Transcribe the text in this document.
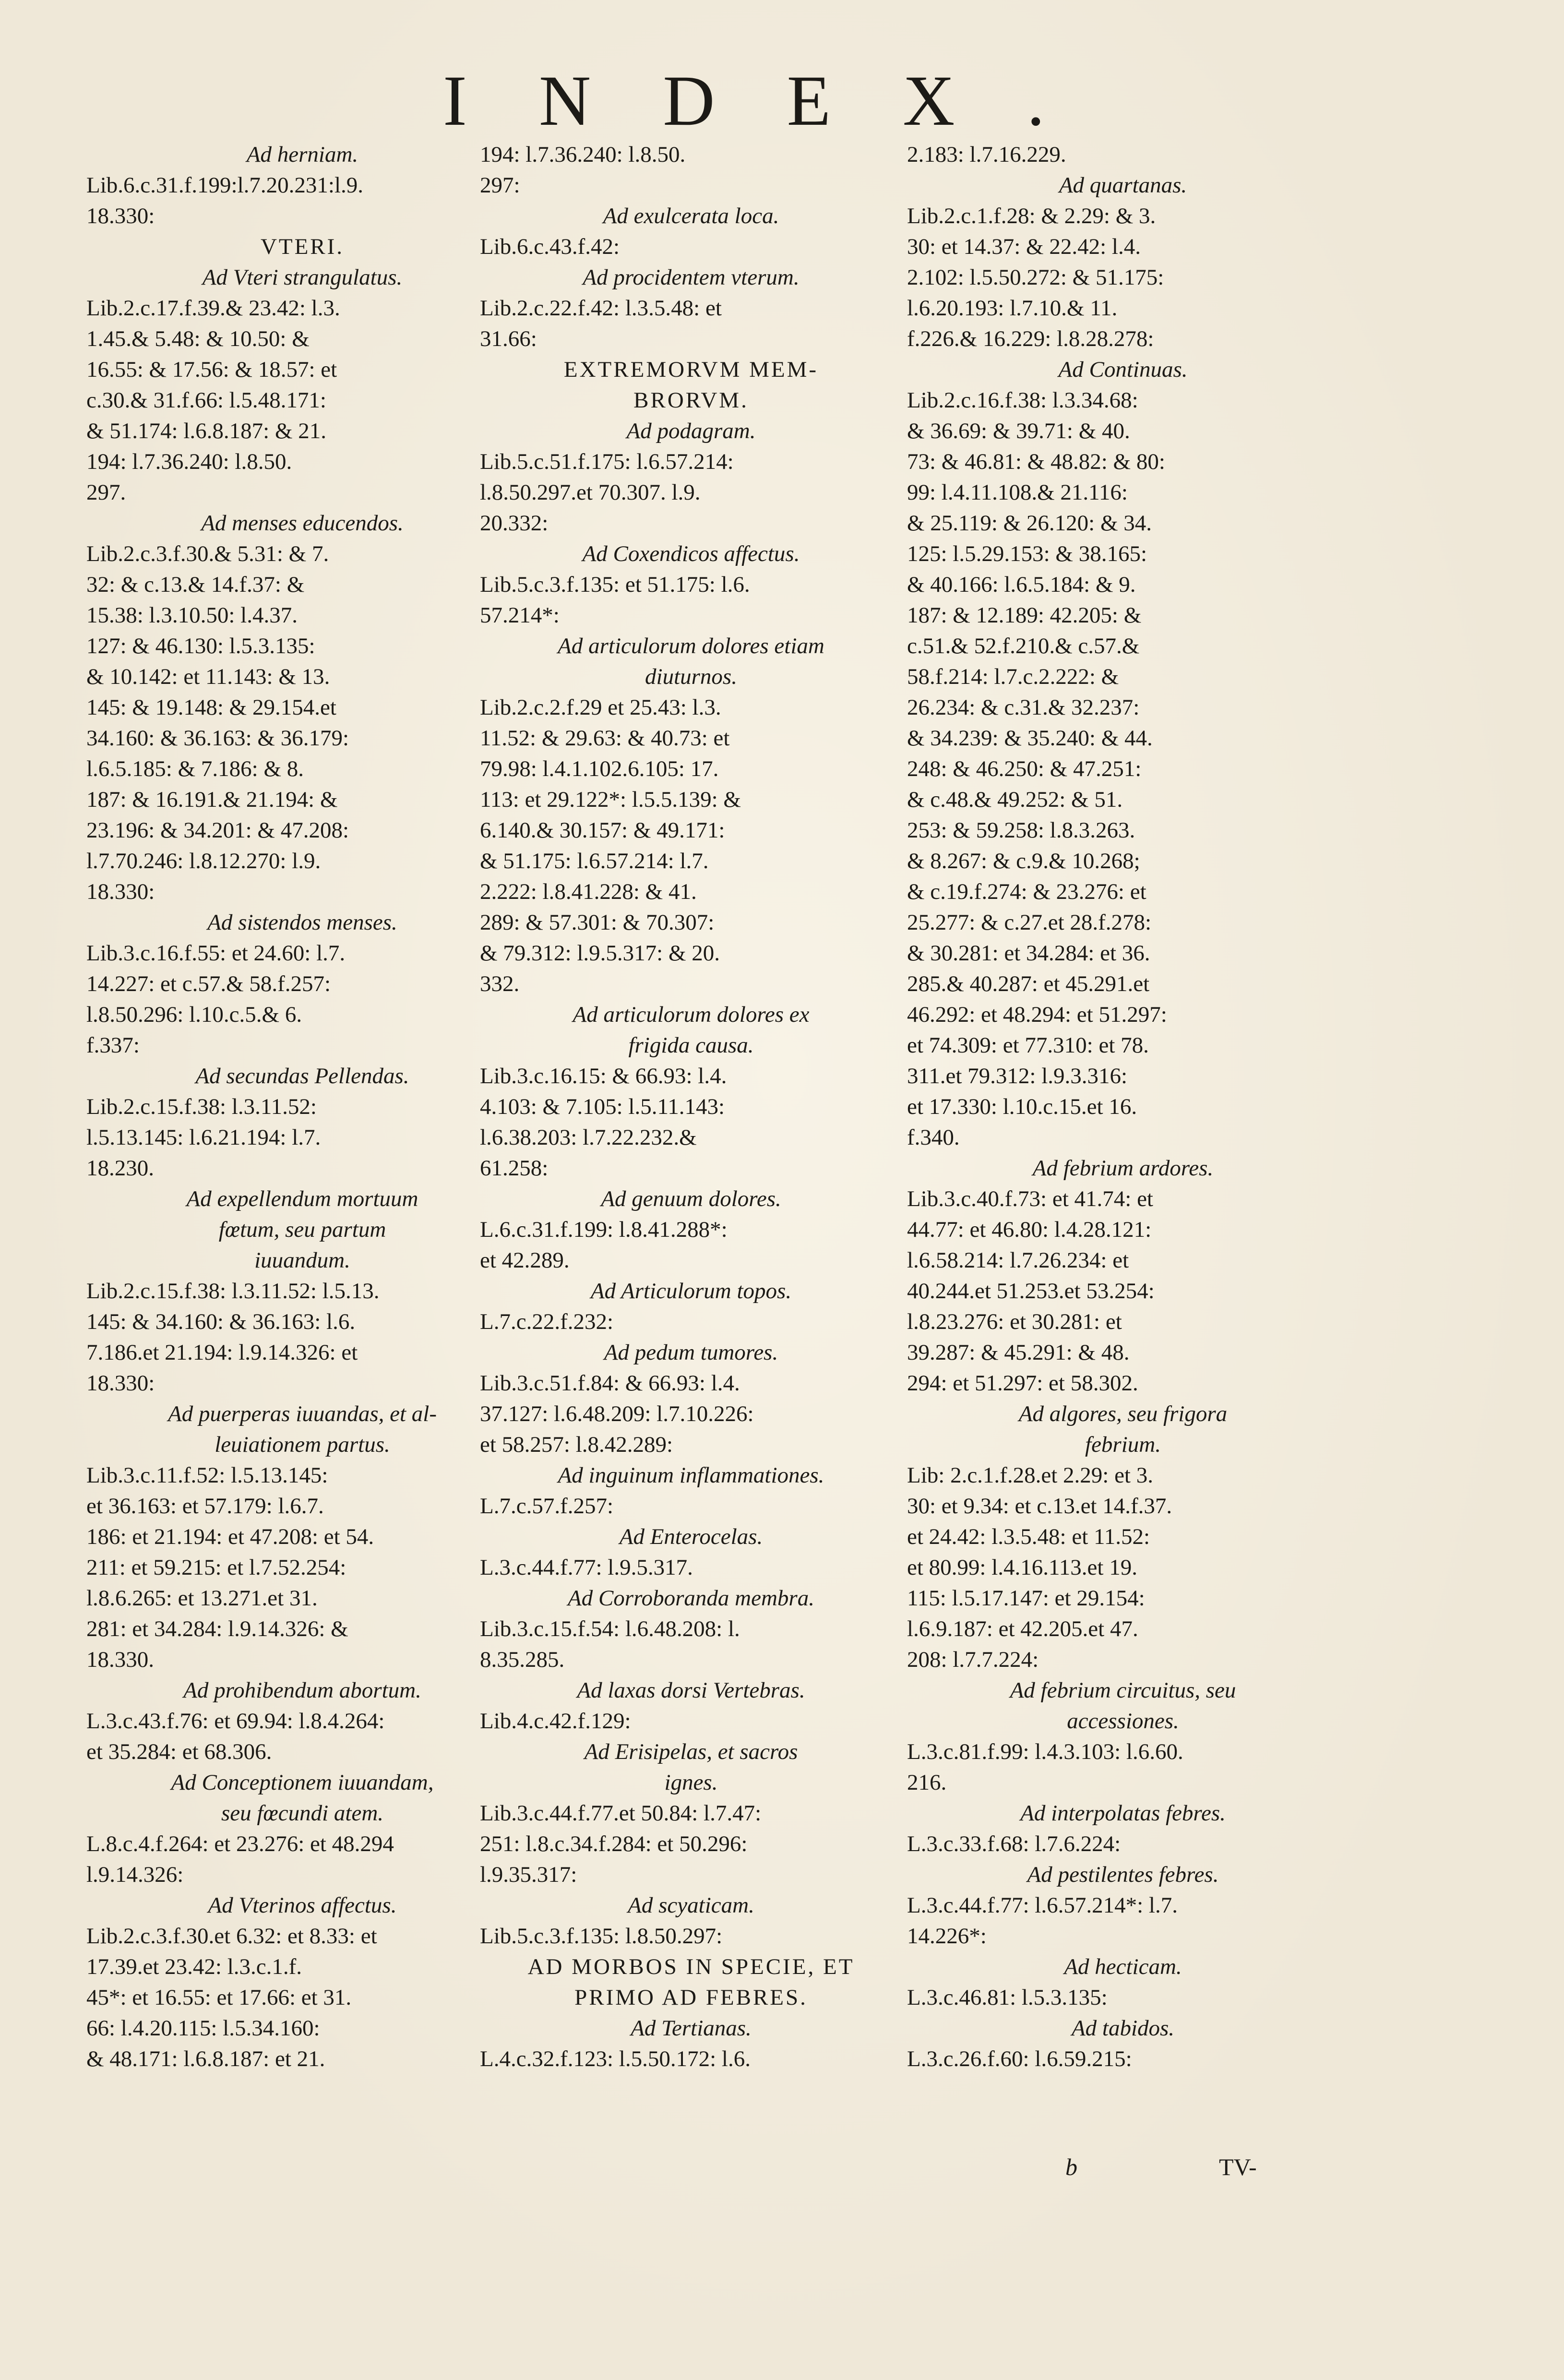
INDEX.
Ad herniam.
Lib.6.c.31.f.199:l.7.20.231:l.9.
18.330:
VTERI.
Ad Vteri strangulatus.
Lib.2.c.17.f.39.& 23.42: l.3.
1.45.& 5.48: & 10.50: &
16.55: & 17.56: & 18.57: et
c.30.& 31.f.66: l.5.48.171:
& 51.174: l.6.8.187: & 21.
194: l.7.36.240: l.8.50.
297.
Ad menses educendos.
Lib.2.c.3.f.30.& 5.31: & 7.
32: & c.13.& 14.f.37: &
15.38: l.3.10.50: l.4.37.
127: & 46.130: l.5.3.135:
& 10.142: et 11.143: & 13.
145: & 19.148: & 29.154.et
34.160: & 36.163: & 36.179:
l.6.5.185: & 7.186: & 8.
187: & 16.191.& 21.194: &
23.196: & 34.201: & 47.208:
l.7.70.246: l.8.12.270: l.9.
18.330:
Ad sistendos menses.
Lib.3.c.16.f.55: et 24.60: l.7.
14.227: et c.57.& 58.f.257:
l.8.50.296: l.10.c.5.& 6.
f.337:
Ad secundas Pellendas.
Lib.2.c.15.f.38: l.3.11.52:
l.5.13.145: l.6.21.194: l.7.
18.230.
Ad expellendum mortuum
fœtum, seu partum
iuuandum.
Lib.2.c.15.f.38: l.3.11.52: l.5.13.
145: & 34.160: & 36.163: l.6.
7.186.et 21.194: l.9.14.326: et
18.330:
Ad puerperas iuuandas, et al-
leuiationem partus.
Lib.3.c.11.f.52: l.5.13.145:
et 36.163: et 57.179: l.6.7.
186: et 21.194: et 47.208: et 54.
211: et 59.215: et l.7.52.254:
l.8.6.265: et 13.271.et 31.
281: et 34.284: l.9.14.326: &
18.330.
Ad prohibendum abortum.
L.3.c.43.f.76: et 69.94: l.8.4.264:
et 35.284: et 68.306.
Ad Conceptionem iuuandam,
seu fœcundi atem.
L.8.c.4.f.264: et 23.276: et 48.294
l.9.14.326:
Ad Vterinos affectus.
Lib.2.c.3.f.30.et 6.32: et 8.33: et
17.39.et 23.42: l.3.c.1.f.
45*: et 16.55: et 17.66: et 31.
66: l.4.20.115: l.5.34.160:
& 48.171: l.6.8.187: et 21.
194: l.7.36.240: l.8.50.
297:
Ad exulcerata loca.
Lib.6.c.43.f.42:
Ad procidentem vterum.
Lib.2.c.22.f.42: l.3.5.48: et
31.66:
EXTREMORVM MEM-
BRORVM.
Ad podagram.
Lib.5.c.51.f.175: l.6.57.214:
l.8.50.297.et 70.307. l.9.
20.332:
Ad Coxendicos affectus.
Lib.5.c.3.f.135: et 51.175: l.6.
57.214*:
Ad articulorum dolores etiam
diuturnos.
Lib.2.c.2.f.29 et 25.43: l.3.
11.52: & 29.63: & 40.73: et
79.98: l.4.1.102.6.105: 17.
113: et 29.122*: l.5.5.139: &
6.140.& 30.157: & 49.171:
& 51.175: l.6.57.214: l.7.
2.222: l.8.41.228: & 41.
289: & 57.301: & 70.307:
& 79.312: l.9.5.317: & 20.
332.
Ad articulorum dolores ex
frigida causa.
Lib.3.c.16.15: & 66.93: l.4.
4.103: & 7.105: l.5.11.143:
l.6.38.203: l.7.22.232.&
61.258:
Ad genuum dolores.
L.6.c.31.f.199: l.8.41.288*:
et 42.289.
Ad Articulorum topos.
L.7.c.22.f.232:
Ad pedum tumores.
Lib.3.c.51.f.84: & 66.93: l.4.
37.127: l.6.48.209: l.7.10.226:
et 58.257: l.8.42.289:
Ad inguinum inflammationes.
L.7.c.57.f.257:
Ad Enterocelas.
L.3.c.44.f.77: l.9.5.317.
Ad Corroboranda membra.
Lib.3.c.15.f.54: l.6.48.208: l.
8.35.285.
Ad laxas dorsi Vertebras.
Lib.4.c.42.f.129:
Ad Erisipelas, et sacros
ignes.
Lib.3.c.44.f.77.et 50.84: l.7.47:
251: l.8.c.34.f.284: et 50.296:
l.9.35.317:
Ad scyaticam.
Lib.5.c.3.f.135: l.8.50.297:
AD MORBOS IN SPECIE, ET
PRIMO AD FEBRES.
Ad Tertianas.
L.4.c.32.f.123: l.5.50.172: l.6.
2.183: l.7.16.229.
Ad quartanas.
Lib.2.c.1.f.28: & 2.29: & 3.
30: et 14.37: & 22.42: l.4.
2.102: l.5.50.272: & 51.175:
l.6.20.193: l.7.10.& 11.
f.226.& 16.229: l.8.28.278:
Ad Continuas.
Lib.2.c.16.f.38: l.3.34.68:
& 36.69: & 39.71: & 40.
73: & 46.81: & 48.82: & 80:
99: l.4.11.108.& 21.116:
& 25.119: & 26.120: & 34.
125: l.5.29.153: & 38.165:
& 40.166: l.6.5.184: & 9.
187: & 12.189: 42.205: &
c.51.& 52.f.210.& c.57.&
58.f.214: l.7.c.2.222: &
26.234: & c.31.& 32.237:
& 34.239: & 35.240: & 44.
248: & 46.250: & 47.251:
& c.48.& 49.252: & 51.
253: & 59.258: l.8.3.263.
& 8.267: & c.9.& 10.268;
& c.19.f.274: & 23.276: et
25.277: & c.27.et 28.f.278:
& 30.281: et 34.284: et 36.
285.& 40.287: et 45.291.et
46.292: et 48.294: et 51.297:
et 74.309: et 77.310: et 78.
311.et 79.312: l.9.3.316:
et 17.330: l.10.c.15.et 16.
f.340.
Ad febrium ardores.
Lib.3.c.40.f.73: et 41.74: et
44.77: et 46.80: l.4.28.121:
l.6.58.214: l.7.26.234: et
40.244.et 51.253.et 53.254:
l.8.23.276: et 30.281: et
39.287: & 45.291: & 48.
294: et 51.297: et 58.302.
Ad algores, seu frigora
febrium.
Lib: 2.c.1.f.28.et 2.29: et 3.
30: et 9.34: et c.13.et 14.f.37.
et 24.42: l.3.5.48: et 11.52:
et 80.99: l.4.16.113.et 19.
115: l.5.17.147: et 29.154:
l.6.9.187: et 42.205.et 47.
208: l.7.7.224:
Ad febrium circuitus, seu
accessiones.
L.3.c.81.f.99: l.4.3.103: l.6.60.
216.
Ad interpolatas febres.
L.3.c.33.f.68: l.7.6.224:
Ad pestilentes febres.
L.3.c.44.f.77: l.6.57.214*: l.7.
14.226*:
Ad hecticam.
L.3.c.46.81: l.5.3.135:
Ad tabidos.
L.3.c.26.f.60: l.6.59.215:
b	TV-
